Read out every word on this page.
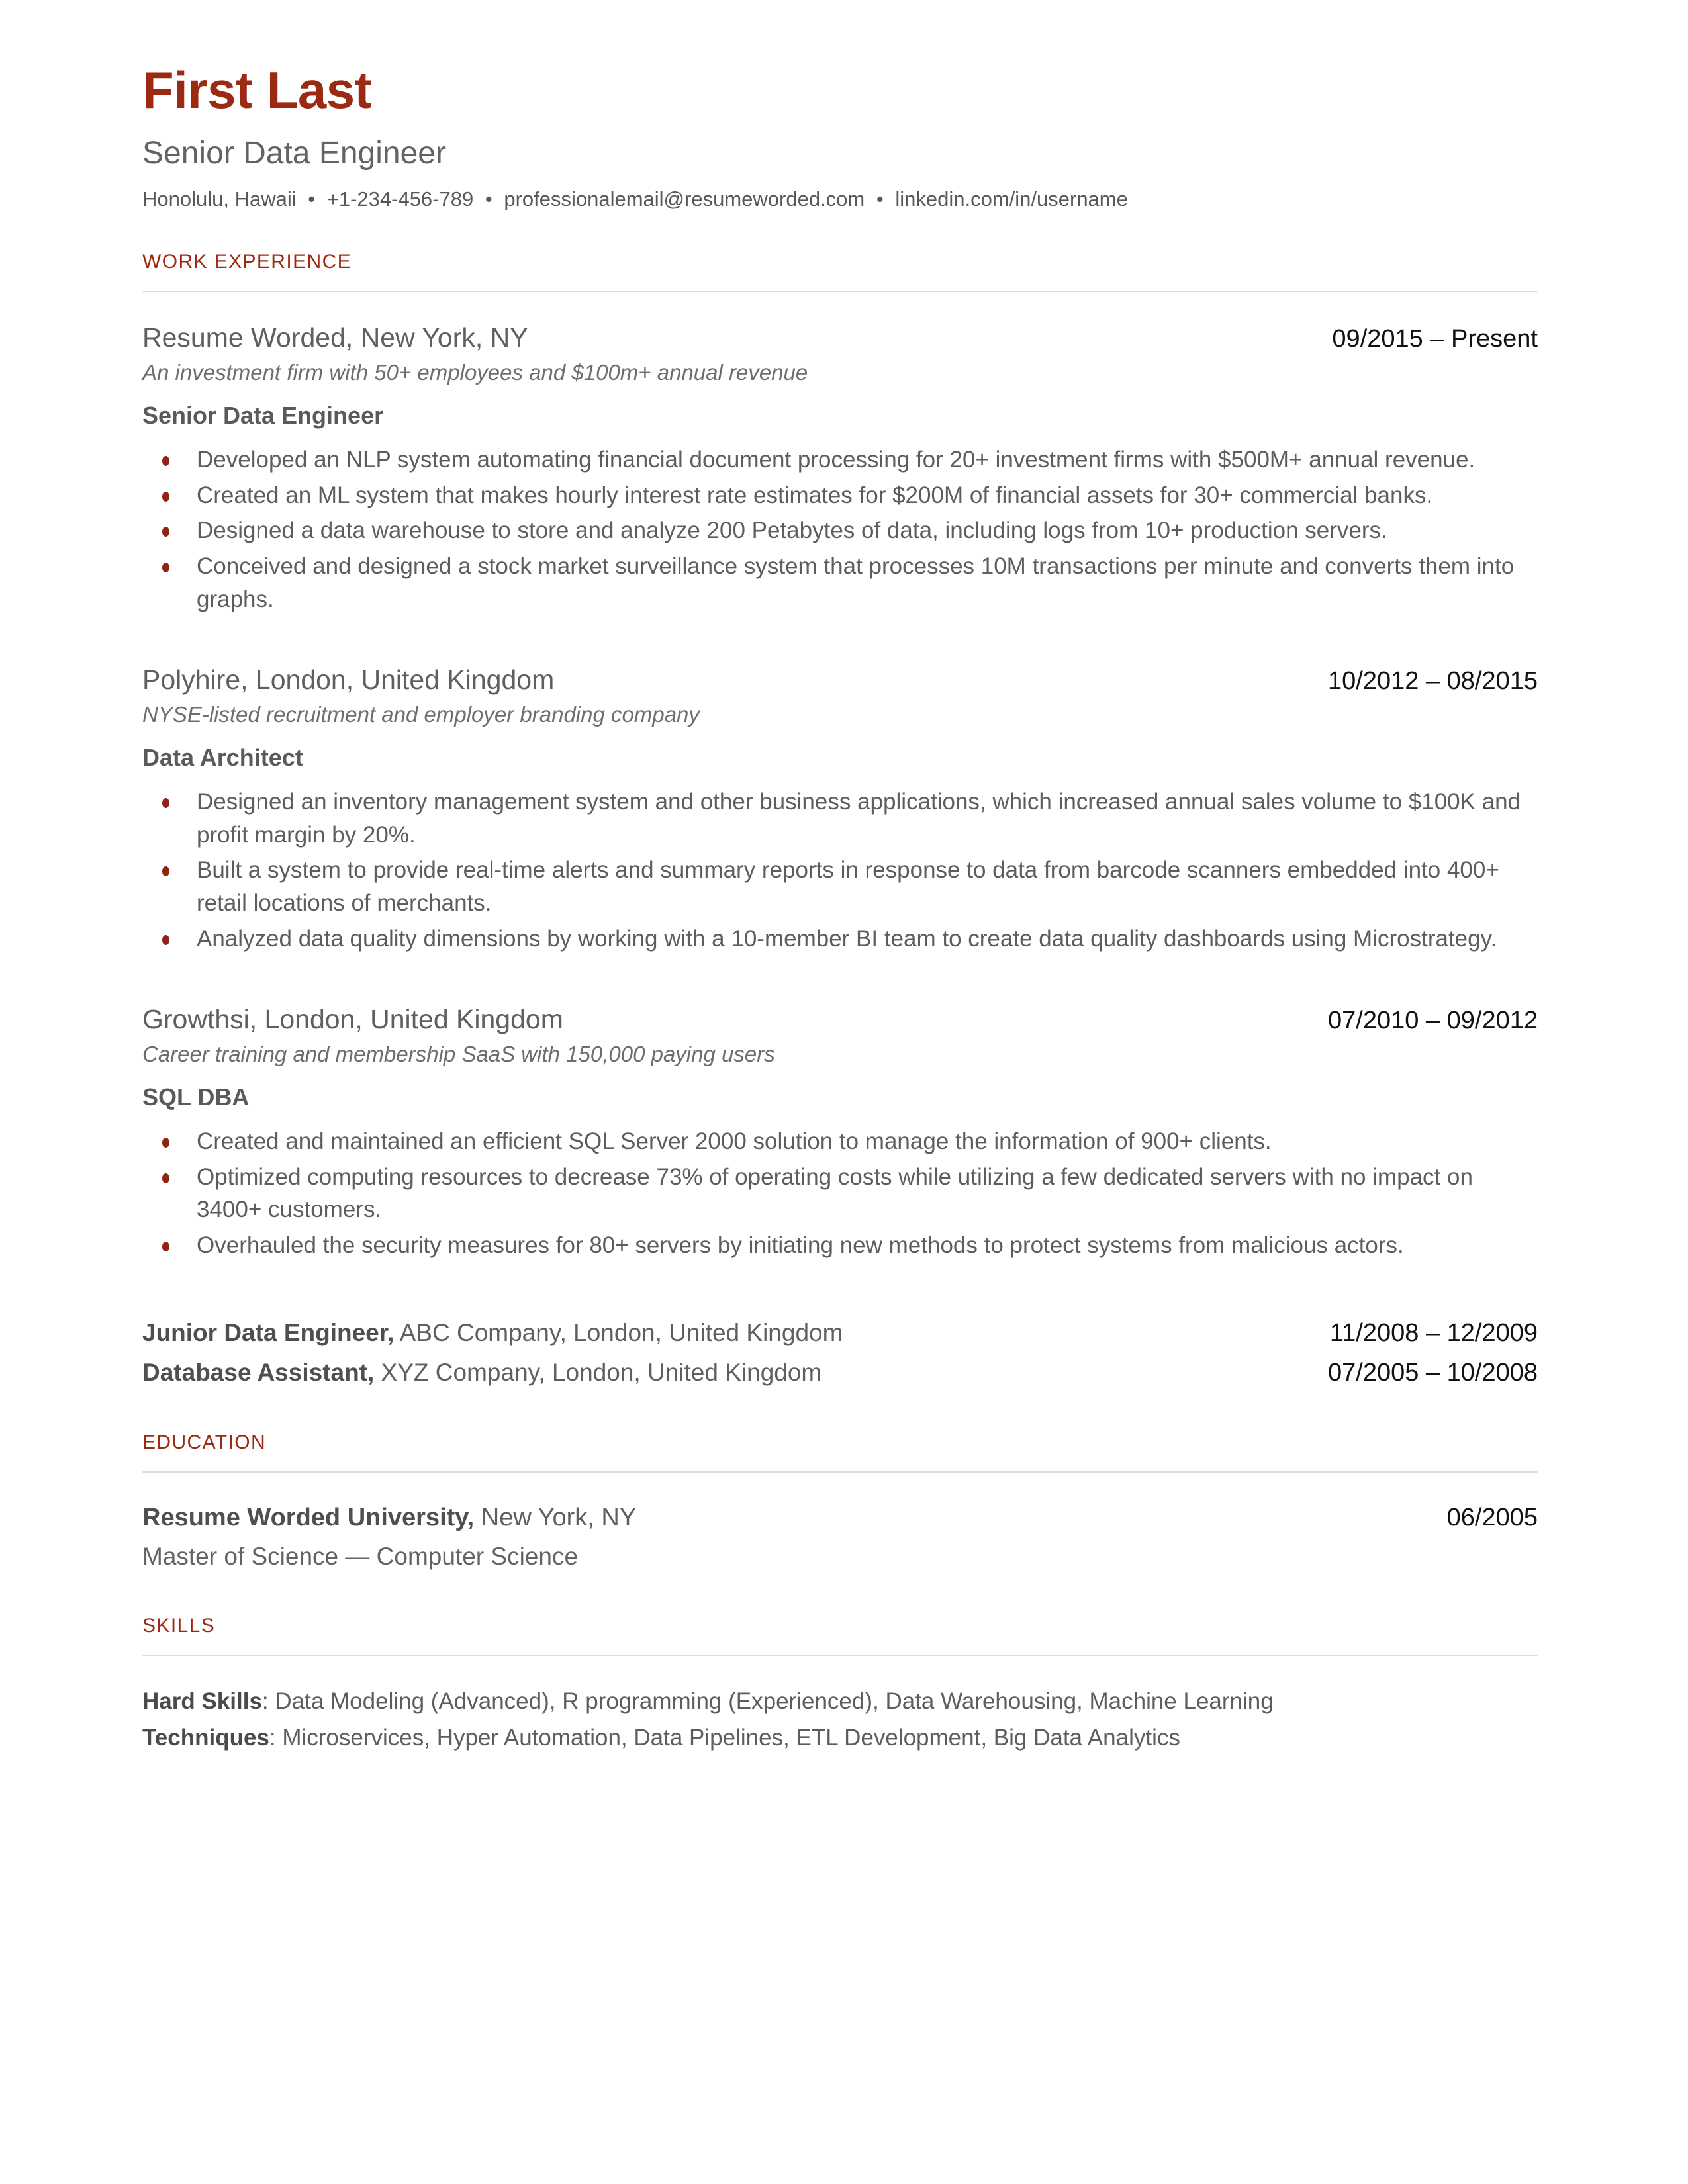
First Last
Senior Data Engineer
Honolulu, Hawaii • +1-234-456-789 • professionalemail@resumeworded.com • linkedin.com/in/username
WORK EXPERIENCE
Resume Worded, New York, NY	09/2015 – Present
An investment firm with 50+ employees and $100m+ annual revenue
Senior Data Engineer
Developed an NLP system automating financial document processing for 20+ investment firms with $500M+ annual revenue.
Created an ML system that makes hourly interest rate estimates for $200M of financial assets for 30+ commercial banks.
Designed a data warehouse to store and analyze 200 Petabytes of data, including logs from 10+ production servers.
Conceived and designed a stock market surveillance system that processes 10M transactions per minute and converts them into graphs.
Polyhire, London, United Kingdom	10/2012 – 08/2015
NYSE-listed recruitment and employer branding company
Data Architect
Designed an inventory management system and other business applications, which increased annual sales volume to $100K and profit margin by 20%.
Built a system to provide real-time alerts and summary reports in response to data from barcode scanners embedded into 400+ retail locations of merchants.
Analyzed data quality dimensions by working with a 10-member BI team to create data quality dashboards using Microstrategy.
Growthsi, London, United Kingdom	07/2010 – 09/2012
Career training and membership SaaS with 150,000 paying users
SQL DBA
Created and maintained an efficient SQL Server 2000 solution to manage the information of 900+ clients.
Optimized computing resources to decrease 73% of operating costs while utilizing a few dedicated servers with no impact on 3400+ customers.
Overhauled the security measures for 80+ servers by initiating new methods to protect systems from malicious actors.
Junior Data Engineer, ABC Company, London, United Kingdom	11/2008 – 12/2009
Database Assistant, XYZ Company, London, United Kingdom	07/2005 – 10/2008
EDUCATION
Resume Worded University, New York, NY	06/2005
Master of Science — Computer Science
SKILLS
Hard Skills: Data Modeling (Advanced), R programming (Experienced), Data Warehousing, Machine Learning
Techniques: Microservices, Hyper Automation, Data Pipelines, ETL Development, Big Data Analytics
